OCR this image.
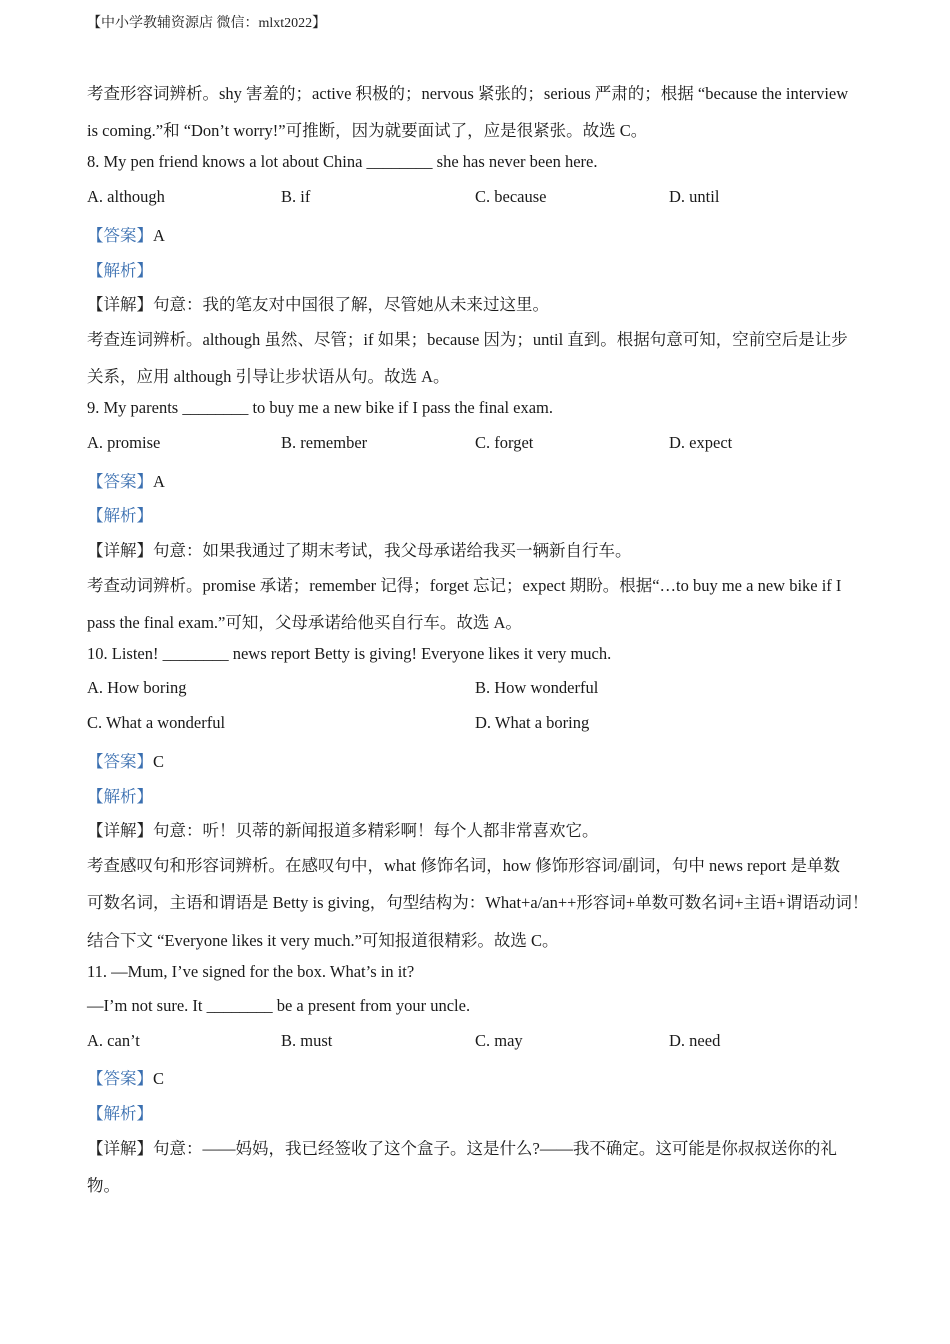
【中小学教辅资源店 微信：mlxt2022】
考查形容词辨析。shy 害羞的；active 积极的；nervous 紧张的；serious 严肃的；根据 “because the interview
is coming.”和 “Don’t worry!”可推断，因为就要面试了，应是很紧张。故选 C。
8. My pen friend knows a lot about China ________ she has never been here.
A. although	B. if	C. because	D. until
【答案】A
【解析】
【详解】句意：我的笔友对中国很了解，尽管她从未来过这里。
考查连词辨析。although 虽然、尽管；if 如果；because 因为；until 直到。根据句意可知，空前空后是让步
关系，应用 although 引导让步状语从句。故选 A。
9. My parents ________ to buy me a new bike if I pass the final exam.
A. promise	B. remember	C. forget	D. expect
【答案】A
【解析】
【详解】句意：如果我通过了期末考试，我父母承诺给我买一辆新自行车。
考查动词辨析。promise 承诺；remember 记得；forget 忘记；expect 期盼。根据“…to buy me a new bike if I
pass the final exam.”可知，父母承诺给他买自行车。故选 A。
10. Listen! ________ news report Betty is giving! Everyone likes it very much.
A. How boring	B. How wonderful
C. What a wonderful	D. What a boring
【答案】C
【解析】
【详解】句意：听！贝蒂的新闻报道多精彩啊！每个人都非常喜欢它。
考查感叹句和形容词辨析。在感叹句中，what 修饰名词，how 修饰形容词/副词，句中 news report 是单数
可数名词，主语和谓语是 Betty is giving，句型结构为：What+a/an++形容词+单数可数名词+主语+谓语动词！
结合下文 “Everyone likes it very much.”可知报道很精彩。故选 C。
11. —Mum, I’ve signed for the box. What’s in it?
—I’m not sure. It ________ be a present from your uncle.
A. can’t	B. must	C. may	D. need
【答案】C
【解析】
【详解】句意：——妈妈，我已经签收了这个盒子。这是什么?——我不确定。这可能是你叔叔送你的礼
物。
